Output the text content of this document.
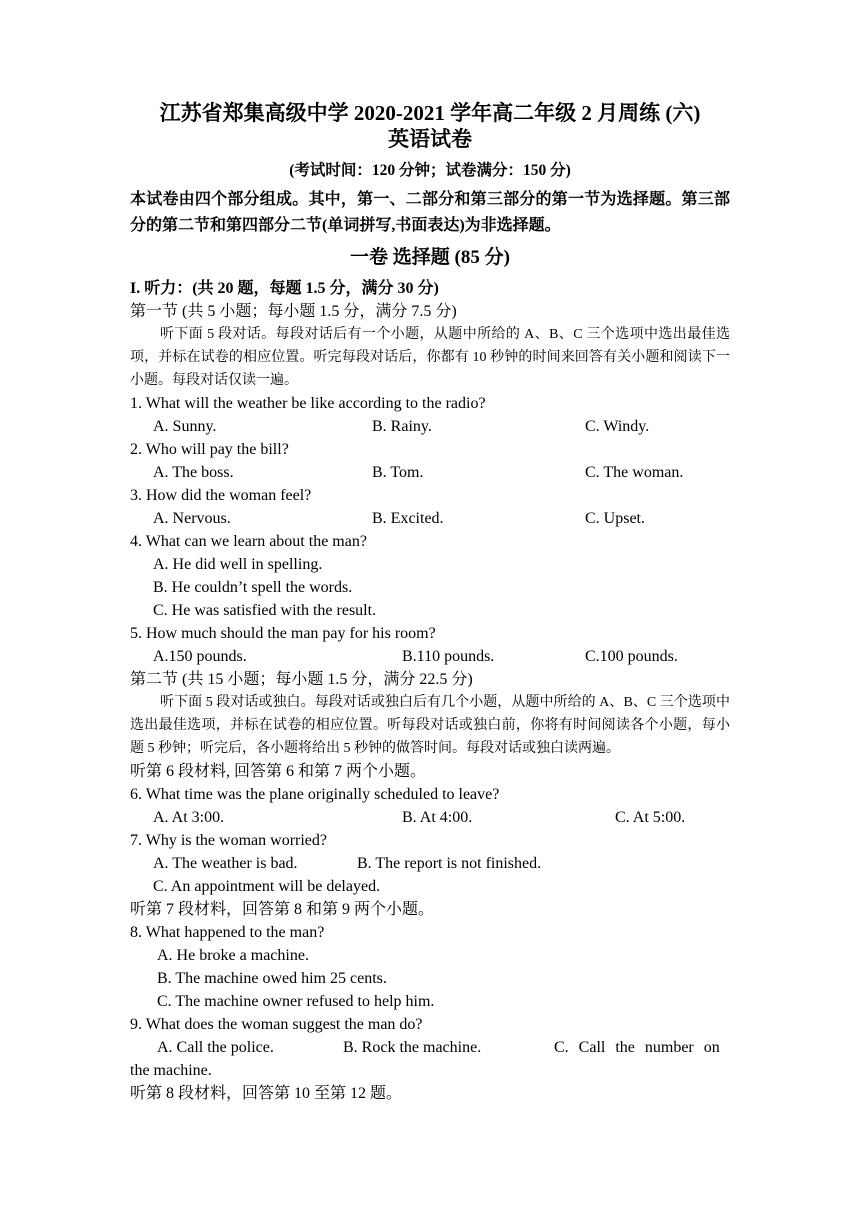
江苏省郑集高级中学 2020-2021 学年高二年级 2 月周练 (六)
英语试卷
(考试时间：120 分钟；试卷满分：150 分)
本试卷由四个部分组成。其中，第一、二部分和第三部分的第一节为选择题。第三部分的第二节和第四部分二节(单词拼写,书面表达)为非选择题。
一卷 选择题 (85 分)
I. 听力：(共 20 题，每题 1.5 分，满分 30 分)
第一节 (共 5 小题；每小题 1.5 分，满分 7.5 分)
听下面 5 段对话。每段对话后有一个小题，从题中所给的 A、B、C 三个选项中选出最佳选项，并标在试卷的相应位置。听完每段对话后，你都有 10 秒钟的时间来回答有关小题和阅读下一小题。每段对话仅读一遍。
1. What will the weather be like according to the radio?
A. Sunny.	B. Rainy.	C. Windy.
2. Who will pay the bill?
A. The boss.	B. Tom.	C. The woman.
3. How did the woman feel?
A. Nervous.	B. Excited.	C. Upset.
4. What can we learn about the man?
A. He did well in spelling.
B. He couldn’t spell the words.
C. He was satisfied with the result.
5. How much should the man pay for his room?
A.150 pounds.	B.110 pounds.	C.100 pounds.
第二节 (共 15 小题；每小题 1.5 分，满分 22.5 分)
听下面 5 段对话或独白。每段对话或独白后有几个小题，从题中所给的 A、B、C 三个选项中选出最佳选项，并标在试卷的相应位置。听每段对话或独白前，你将有时间阅读各个小题，每小题 5 秒钟；听完后，各小题将给出 5 秒钟的做答时间。每段对话或独白读两遍。
听第 6 段材料, 回答第 6 和第 7 两个小题。
6. What time was the plane originally scheduled to leave?
A. At 3:00.	B. At 4:00.	C. At 5:00.
7. Why is the woman worried?
A. The weather is bad.	B. The report is not finished.
C. An appointment will be delayed.
听第 7 段材料，回答第 8 和第 9 两个小题。
8. What happened to the man?
A. He broke a machine.
B. The machine owed him 25 cents.
C. The machine owner refused to help him.
9. What does the woman suggest the man do?
A. Call the police.	B. Rock the machine.	C. Call the number on
the machine.
听第 8 段材料，回答第 10 至第 12 题。
